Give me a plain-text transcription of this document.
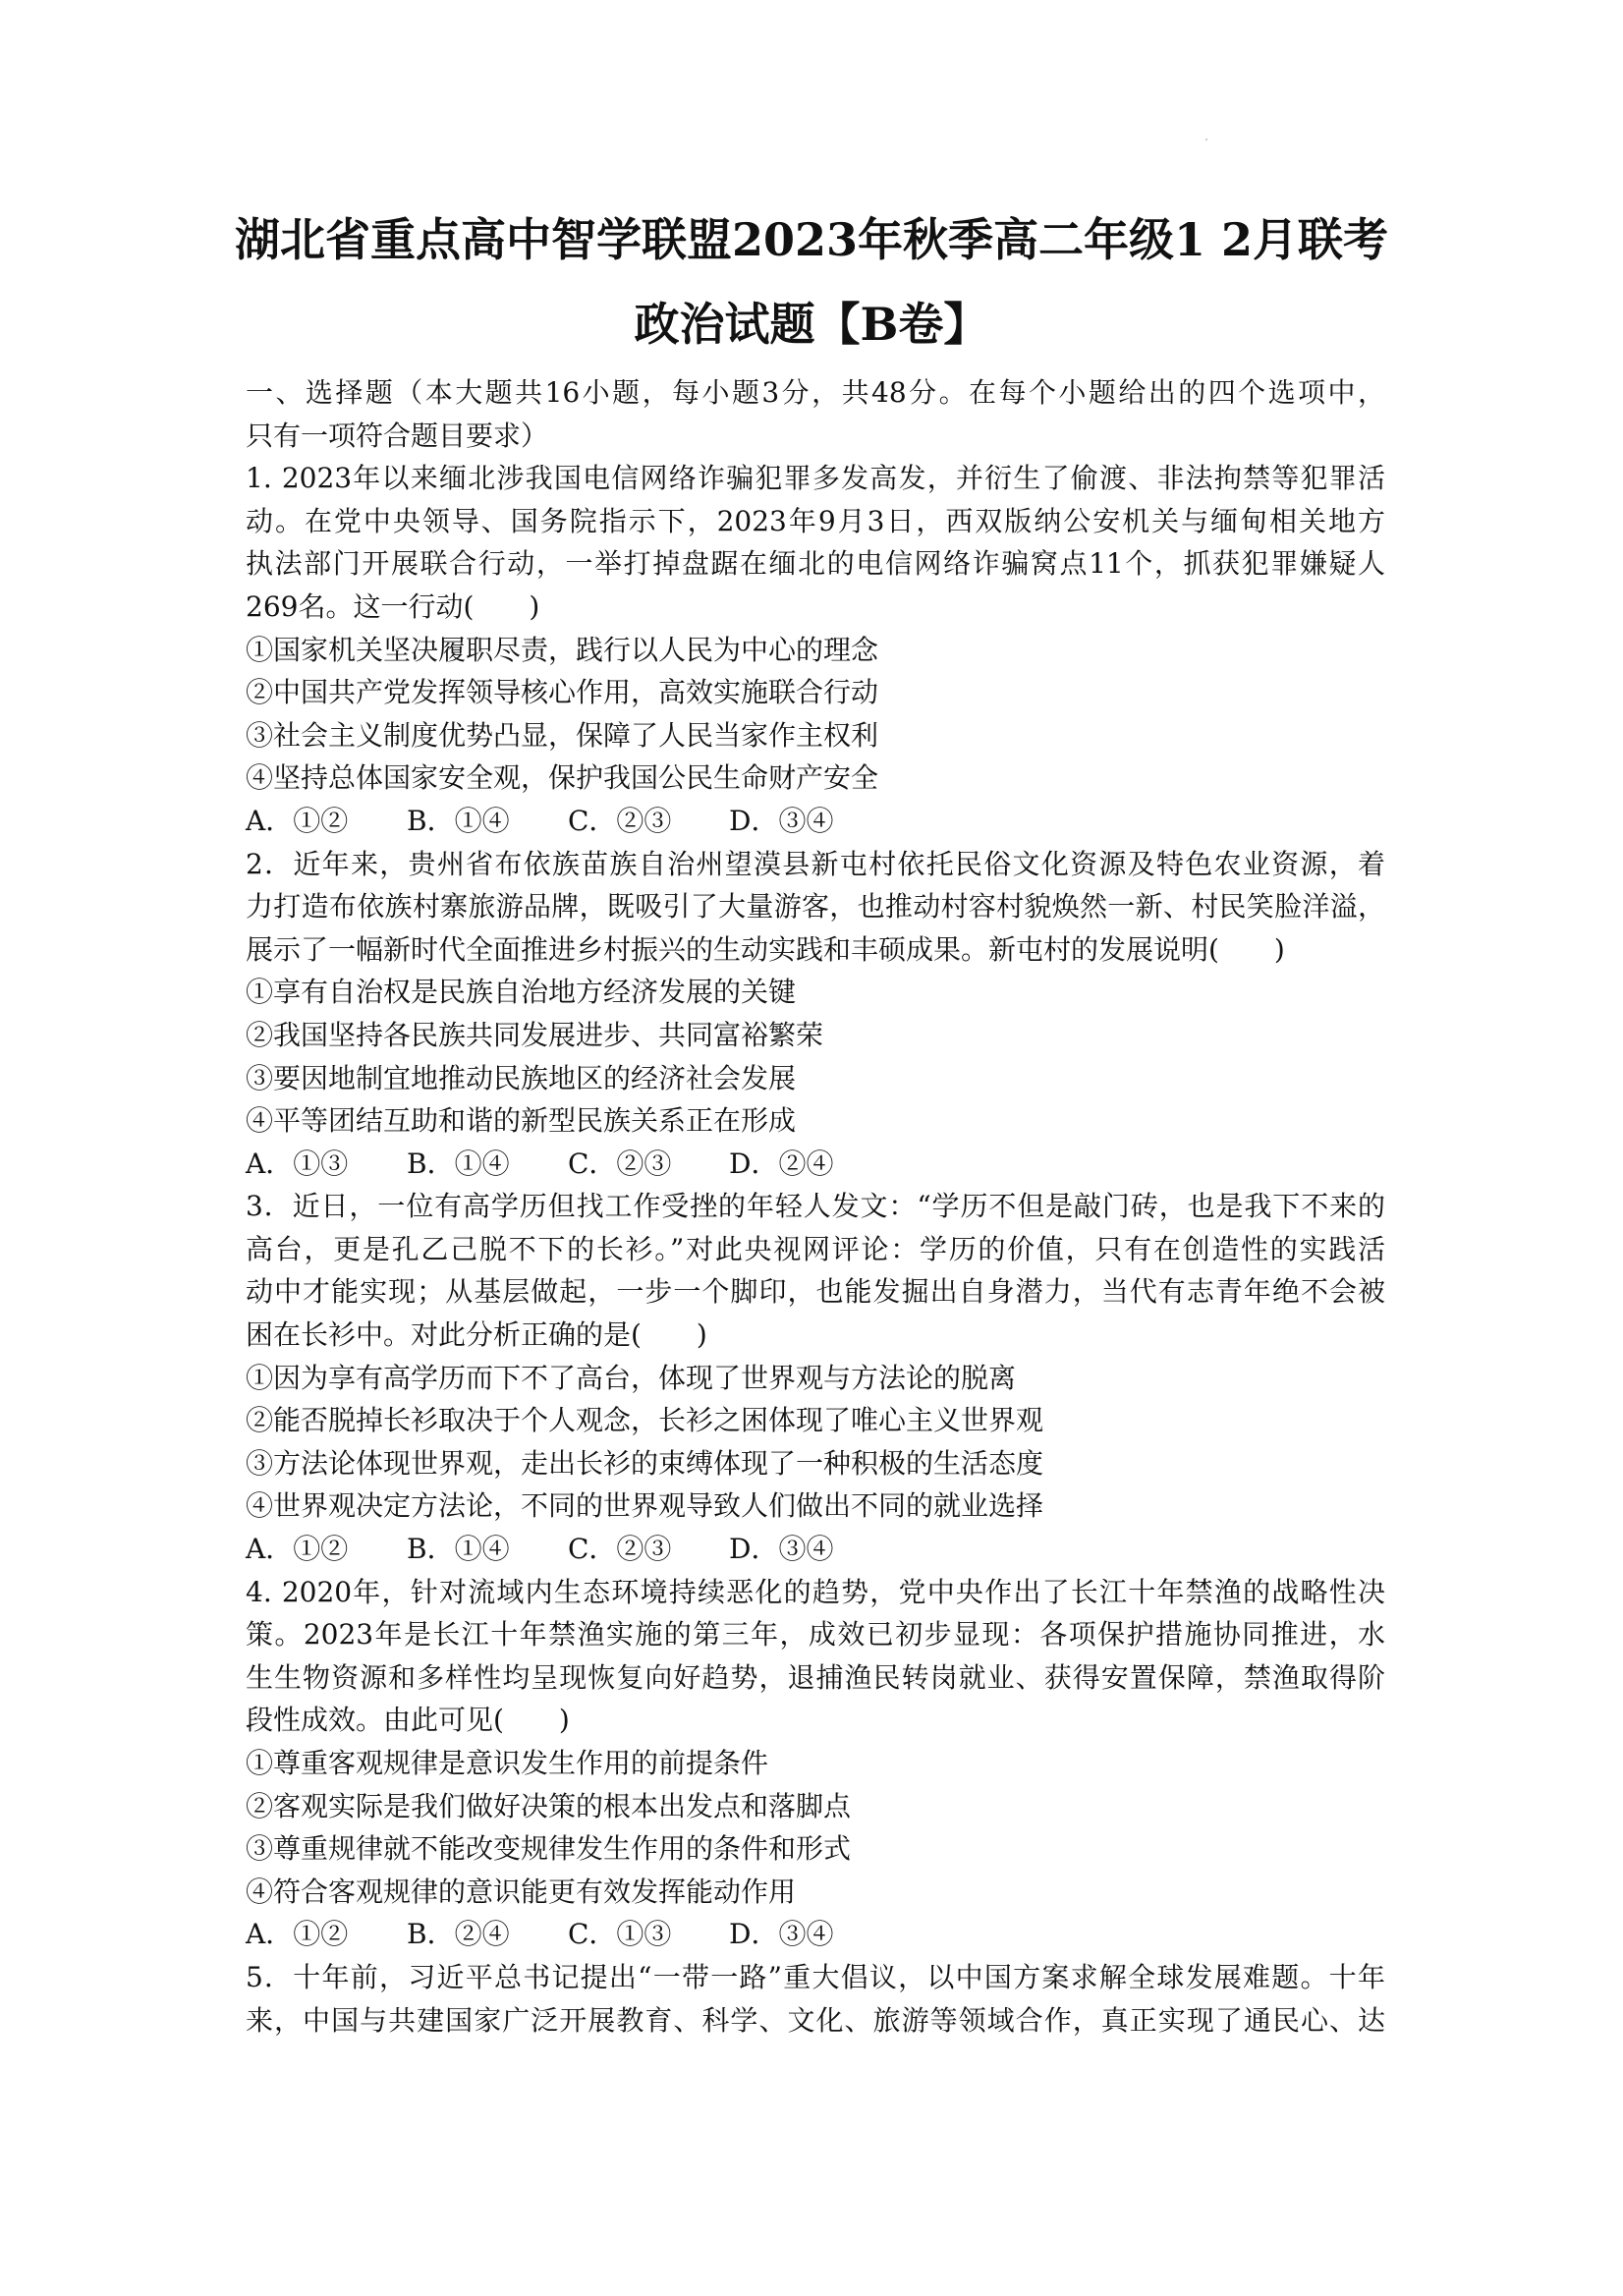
湖北省重点高中智学联盟2023年秋季高二年级1 2月联考
政治试题【B卷】
一、选择题（本大题共16小题，每小题3分，共48分。在每个小题给出的四个选项中，
只有一项符合题目要求）
1. 2023年以来缅北涉我国电信网络诈骗犯罪多发高发，并衍生了偷渡、非法拘禁等犯罪活
动。在党中央领导、国务院指示下，2023年9月3日，西双版纳公安机关与缅甸相关地方
执法部门开展联合行动，一举打掉盘踞在缅北的电信网络诈骗窝点11个，抓获犯罪嫌疑人
269名。这一行动(　　)
①国家机关坚决履职尽责，践行以人民为中心的理念
②中国共产党发挥领导核心作用，高效实施联合行动
③社会主义制度优势凸显，保障了人民当家作主权利
④坚持总体国家安全观，保护我国公民生命财产安全
A．①② B．①④ C．②③ D．③④
2．近年来，贵州省布依族苗族自治州望漠县新屯村依托民俗文化资源及特色农业资源，着
力打造布依族村寨旅游品牌，既吸引了大量游客，也推动村容村貌焕然一新、村民笑脸洋溢，
展示了一幅新时代全面推进乡村振兴的生动实践和丰硕成果。新屯村的发展说明(　　)
①享有自治权是民族自治地方经济发展的关键
②我国坚持各民族共同发展进步、共同富裕繁荣
③要因地制宜地推动民族地区的经济社会发展
④平等团结互助和谐的新型民族关系正在形成
A．①③ B．①④ C．②③ D．②④
3．近日，一位有高学历但找工作受挫的年轻人发文：“学历不但是敲门砖，也是我下不来的
高台，更是孔乙己脱不下的长衫。”对此央视网评论：学历的价值，只有在创造性的实践活
动中才能实现；从基层做起，一步一个脚印，也能发掘出自身潜力，当代有志青年绝不会被
困在长衫中。对此分析正确的是(　　)
①因为享有高学历而下不了高台，体现了世界观与方法论的脱离
②能否脱掉长衫取决于个人观念，长衫之困体现了唯心主义世界观
③方法论体现世界观，走出长衫的束缚体现了一种积极的生活态度
④世界观决定方法论，不同的世界观导致人们做出不同的就业选择
A．①② B．①④ C．②③ D．③④
4. 2020年，针对流域内生态环境持续恶化的趋势，党中央作出了长江十年禁渔的战略性决
策。2023年是长江十年禁渔实施的第三年，成效已初步显现：各项保护措施协同推进，水
生生物资源和多样性均呈现恢复向好趋势，退捕渔民转岗就业、获得安置保障，禁渔取得阶
段性成效。由此可见(　　)
①尊重客观规律是意识发生作用的前提条件
②客观实际是我们做好决策的根本出发点和落脚点
③尊重规律就不能改变规律发生作用的条件和形式
④符合客观规律的意识能更有效发挥能动作用
A．①② B．②④ C．①③ D．③④
5．十年前，习近平总书记提出“一带一路”重大倡议，以中国方案求解全球发展难题。十年
来，中国与共建国家广泛开展教育、科学、文化、旅游等领域合作，真正实现了通民心、达
